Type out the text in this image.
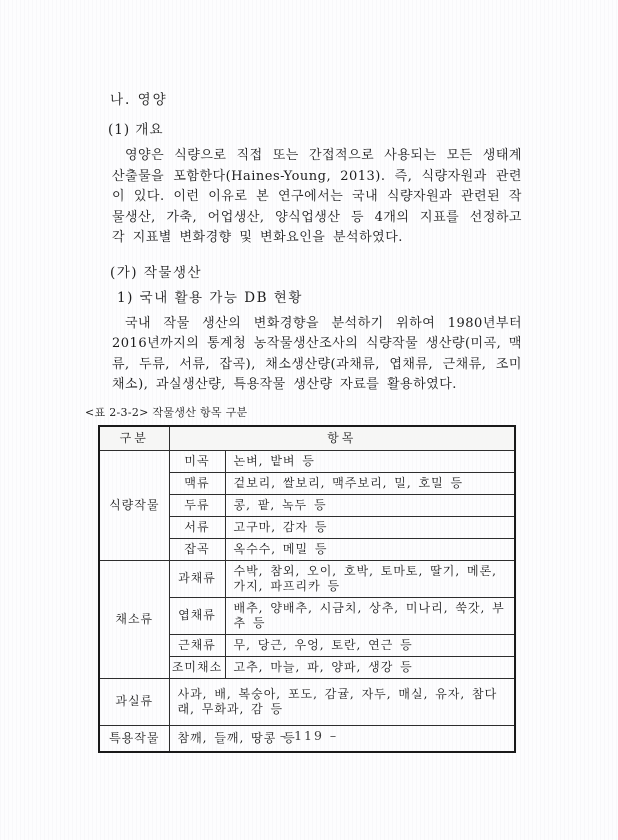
나. 영양
(1) 개요

영양은 식량으로 직접 또는 간접적으로 사용되는 모든 생태계 산출물을 포함한다(Haines-Young, 2013). 즉, 식량자원과 관련이 있다. 이런 이유로 본 연구에서는 국내 식량자원과 관련된 작물생산, 가축, 어업생산, 양식업생산 등 4개의 지표를 선정하고 각 지표별 변화경향 및 변화요인을 분석하였다.

(가) 작물생산
1) 국내 활용 가능 DB 현황

국내 작물 생산의 변화경향을 분석하기 위하여 1980년부터 2016년까지의 통계청 농작물생산조사의 식량작물 생산량(미곡, 맥류, 두류, 서류, 잡곡), 채소생산량(과채류, 엽채류, 근채류, 조미채소), 과실생산량, 특용작물 생산량 자료를 활용하였다.

<표 2-3-2> 작물생산 항목 구분
구분	항목	
식량작물	미곡	논벼, 밭벼 등
	맥류	겉보리, 쌀보리, 맥주보리, 밀, 호밀 등
	두류	콩, 팥, 녹두 등
	서류	고구마, 감자 등
	잡곡	옥수수, 메밀 등
채소류	과채류	수박, 참외, 오이, 호박, 토마토, 딸기, 메론, 가지, 파프리카 등
	엽채류	배추, 양배추, 시금치, 상추, 미나리, 쑥갓, 부추 등
	근채류	무, 당근, 우엉, 토란, 연근 등
	조미채소	고추, 마늘, 파, 양파, 생강 등
과실류	사과, 배, 복숭아, 포도, 감귤, 자두, 매실, 유자, 참다래, 무화과, 감 등	
특용작물	참깨, 들깨, 땅콩 등	
– 119 –
